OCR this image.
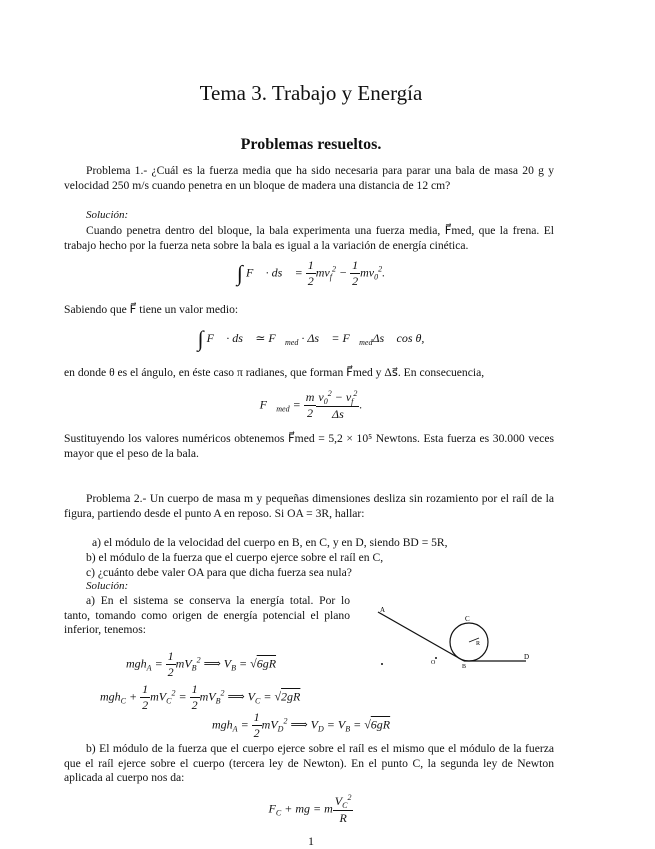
Tema 3. Trabajo y Energía
Problemas resueltos.

Problema 1.- ¿Cuál es la fuerza media que ha sido necesaria para parar una bala de masa 20 g y velocidad 250 m/s cuando penetra en un bloque de madera una distancia de 12 cm?

Solución:

Cuando penetra dentro del bloque, la bala experimenta una fuerza media, F⃗med, que la frena. El trabajo hecho por la fuerza neta sobre la bala es igual a la variación de energía cinética.

∫ F⃗ · ds⃗ = $\frac{1}{2} mv_f^2 - \frac{1}{2} mv_0^2$.

Sabiendo que F⃗ tiene un valor medio:

∫ F⃗ · ds⃗ ≃ $F⃗_{med}$ · Δs⃗ = $F⃗_{med}\Delta s⃗$ cos θ,

en donde θ es el ángulo, en éste caso π radianes, que forman F⃗med y Δs⃗. En consecuencia,

$F⃗_{med} = \frac{m}{2} \frac{v_0^2 - v_f^2}{\Delta s}$ .

Sustituyendo los valores numéricos obtenemos F⃗med = 5,2 × 10⁵ Newtons. Esta fuerza es 30.000 veces mayor que el peso de la bala.

Problema 2.- Un cuerpo de masa m y pequeñas dimensiones desliza sin rozamiento por el raíl de la figura, partiendo desde el punto A en reposo. Si OA = 3R, hallar:

a) el módulo de la velocidad del cuerpo en B, en C, y en D, siendo BD = 5R,

b) el módulo de la fuerza que el cuerpo ejerce sobre el raíl en C,

c) ¿cuánto debe valer OA para que dicha fuerza sea nula?

Solución:

a) En el sistema se conserva la energía total. Por lo tanto, tomando como origen de energía potencial el plano inferior, tenemos:

A
C
R
O
B
D
$mgh_A = \frac{1}{2} mV_B^2$ ⟹ $V_B = √6gR$
$mgh_C + \frac{1}{2} mV_C^2 = \frac{1}{2} mV_B^2$ ⟹ $V_C = √2gR$
$mgh_A = \frac{1}{2} mV_D^2$ ⟹ $V_D = V_B = √6gR$

b) El módulo de la fuerza que el cuerpo ejerce sobre el raíl es el mismo que el módulo de la fuerza que el raíl ejerce sobre el cuerpo (tercera ley de Newton). En el punto C, la segunda ley de Newton aplicada al cuerpo nos da:

$F_C$ + mg = m $\frac{V_C^2}{R}$
1
